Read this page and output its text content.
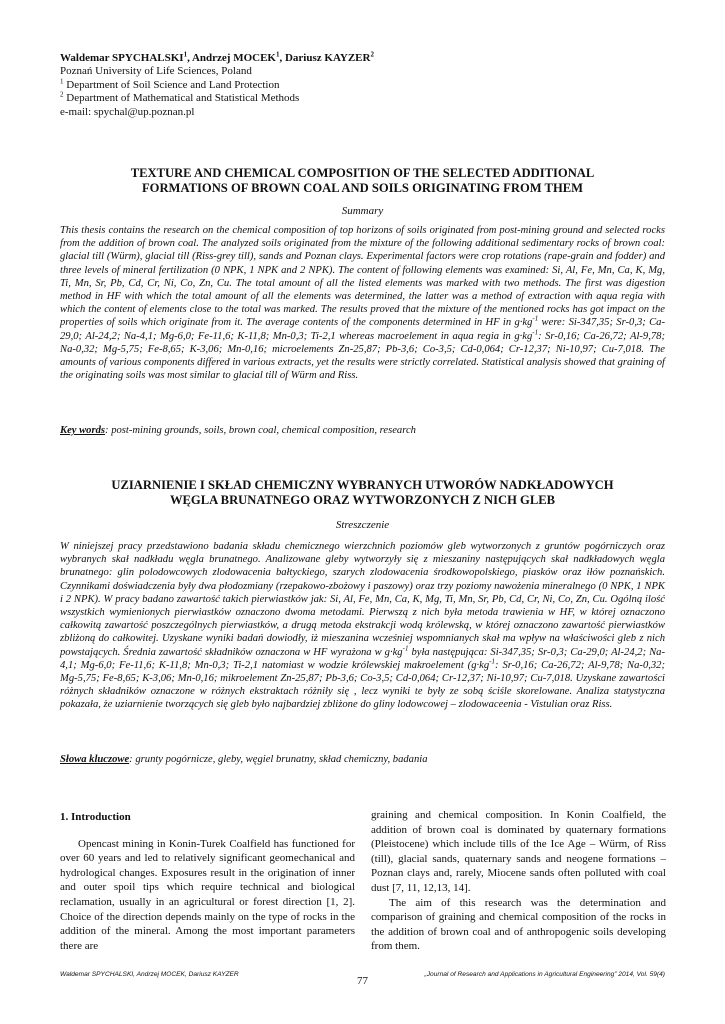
Waldemar SPYCHALSKI$^1$, Andrzej MOCEK$^1$, Dariusz KAYZER$^2$
Poznań University of Life Sciences, Poland
$^1$ Department of Soil Science and Land Protection
$^2$ Department of Mathematical and Statistical Methods
e-mail: spychal@up.poznan.pl
TEXTURE AND CHEMICAL COMPOSITION OF THE SELECTED ADDITIONAL
FORMATIONS OF BROWN COAL AND SOILS ORIGINATING FROM THEM
Summary
This thesis contains the research on the chemical composition of top horizons of soils originated from post-mining ground and selected rocks from the addition of brown coal. The analyzed soils originated from the mixture of the following additional sedimentary rocks of brown coal: glacial till (Würm), glacial till (Riss-grey till), sands and Poznan clays. Experimental factors were crop rotations (rape-grain and fodder) and three levels of mineral fertilization (0 NPK, 1 NPK and 2 NPK). The content of following elements was examined: Si, Al, Fe, Mn, Ca, K, Mg, Ti, Mn, Sr, Pb, Cd, Cr, Ni, Co, Zn, Cu. The total amount of all the listed elements was marked with two methods. The first was digestion method in HF with which the total amount of all the elements was determined, the latter was a method of extraction with aqua regia with which the content of elements close to the total was marked. The results proved that the mixture of the mentioned rocks has got impact on the properties of soils which originate from it. The average contents of the components determined in HF in $g\cdot kg^{-1}$ were: Si-347,35; Sr-0,3; Ca-29,0; Al-24,2; Na-4,1; Mg-6,0; Fe-11,6; K-11,8; Mn-0,3; Ti-2,1 whereas macroelement in aqua regia in $g\cdot kg^{-1}$: Sr-0,16; Ca-26,72; Al-9,78; Na-0,32; Mg-5,75; Fe-8,65; K-3,06; Mn-0,16; microelements Zn-25,87; Pb-3,6; Co-3,5; Cd-0,064; Cr-12,37; Ni-10,97; Cu-7,018. The amounts of various components differed in various extracts, yet the results were strictly correlated. Statistical analysis showed that graining of the originating soils was most similar to glacial till of Würm and Riss.
Key words: post-mining grounds, soils, brown coal, chemical composition, research
UZIARNIENIE I SKŁAD CHEMICZNY WYBRANYCH UTWORÓW NADKŁADOWYCH
WĘGLA BRUNATNEGO ORAZ WYTWORZONYCH Z NICH GLEB
Streszczenie
W niniejszej pracy przedstawiono badania składu chemicznego wierzchnich poziomów gleb wytworzonych z gruntów pogórniczych oraz wybranych skał nadkładu węgla brunatnego. Analizowane gleby wytworzyły się z mieszaniny następujących skał nadkładowych węgla brunatnego: glin polodowcowych zlodowacenia bałtyckiego, szarych zlodowacenia środkowopolskiego, piasków oraz iłów poznańskich. Czynnikami doświadczenia były dwa płodozmiany (rzepakowo-zbożowy i paszowy) oraz trzy poziomy nawożenia mineralnego (0 NPK, 1 NPK i 2 NPK). W pracy badano zawartość takich pierwiastków jak: Si, Al, Fe, Mn, Ca, K, Mg, Ti, Mn, Sr, Pb, Cd, Cr, Ni, Co, Zn, Cu. Ogólną ilość wszystkich wymienionych pierwiastków oznaczono dwoma metodami. Pierwszą z nich była metoda trawienia w HF, w której oznaczono całkowitą zawartość poszczególnych pierwiastków, a drugą metoda ekstrakcji wodą królewską, w której oznaczono zawartość pierwiastków zbliżoną do całkowitej. Uzyskane wyniki badań dowiodły, iż mieszanina wcześniej wspomnianych skał ma wpływ na właściwości gleb z nich powstających. Średnia zawartość składników oznaczona w HF wyrażona w $g\cdot kg^{-1}$ była następująca: Si-347,35; Sr-0,3; Ca-29,0; Al-24,2; Na-4,1; Mg-6,0; Fe-11,6; K-11,8; Mn-0,3; Ti-2,1 natomiast w wodzie królewskiej makroelement ($g\cdot kg^{-1}$: Sr-0,16; Ca-26,72; Al-9,78; Na-0,32; Mg-5,75; Fe-8,65; K-3,06; Mn-0,16; mikroelement Zn-25,87; Pb-3,6; Co-3,5; Cd-0,064; Cr-12,37; Ni-10,97; Cu-7,018. Uzyskane zawartości różnych składników oznaczone w różnych ekstraktach różniły się , lecz wyniki te były ze sobą ściśle skorelowane. Analiza statystyczna pokazała, że uziarnienie tworzących się gleb było najbardziej zbliżone do gliny lodowcowej – zlodowaceenia - Vistulian oraz Riss.
Słowa kluczowe: grunty pogórnicze, gleby, węgiel brunatny, skład chemiczny, badania
1. Introduction

Opencast mining in Konin-Turek Coalfield has functioned for over 60 years and led to relatively significant geomechanical and hydrological changes. Exposures result in the origination of inner and outer spoil tips which require technical and biological reclamation, usually in an agricultural or forest direction [1, 2]. Choice of the direction depends mainly on the type of rocks in the addition of the mineral. Among the most important parameters there are

graining and chemical composition. In Konin Coalfield, the addition of brown coal is dominated by quaternary formations (Pleistocene) which include tills of the Ice Age – Würm, of Riss (till), glacial sands, quaternary sands and neogene formations – Poznan clays and, rarely, Miocene sands often polluted with coal dust [7, 11, 12,13, 14].

The aim of this research was the determination and comparison of graining and chemical composition of the rocks in the addition of brown coal and of anthropogenic soils developing from them.

Waldemar SPYCHALSKI, Andrzej MOCEK, Dariusz KAYZER
77
„Journal of Research and Applications in Agricultural Engineering” 2014, Vol. 59(4)
